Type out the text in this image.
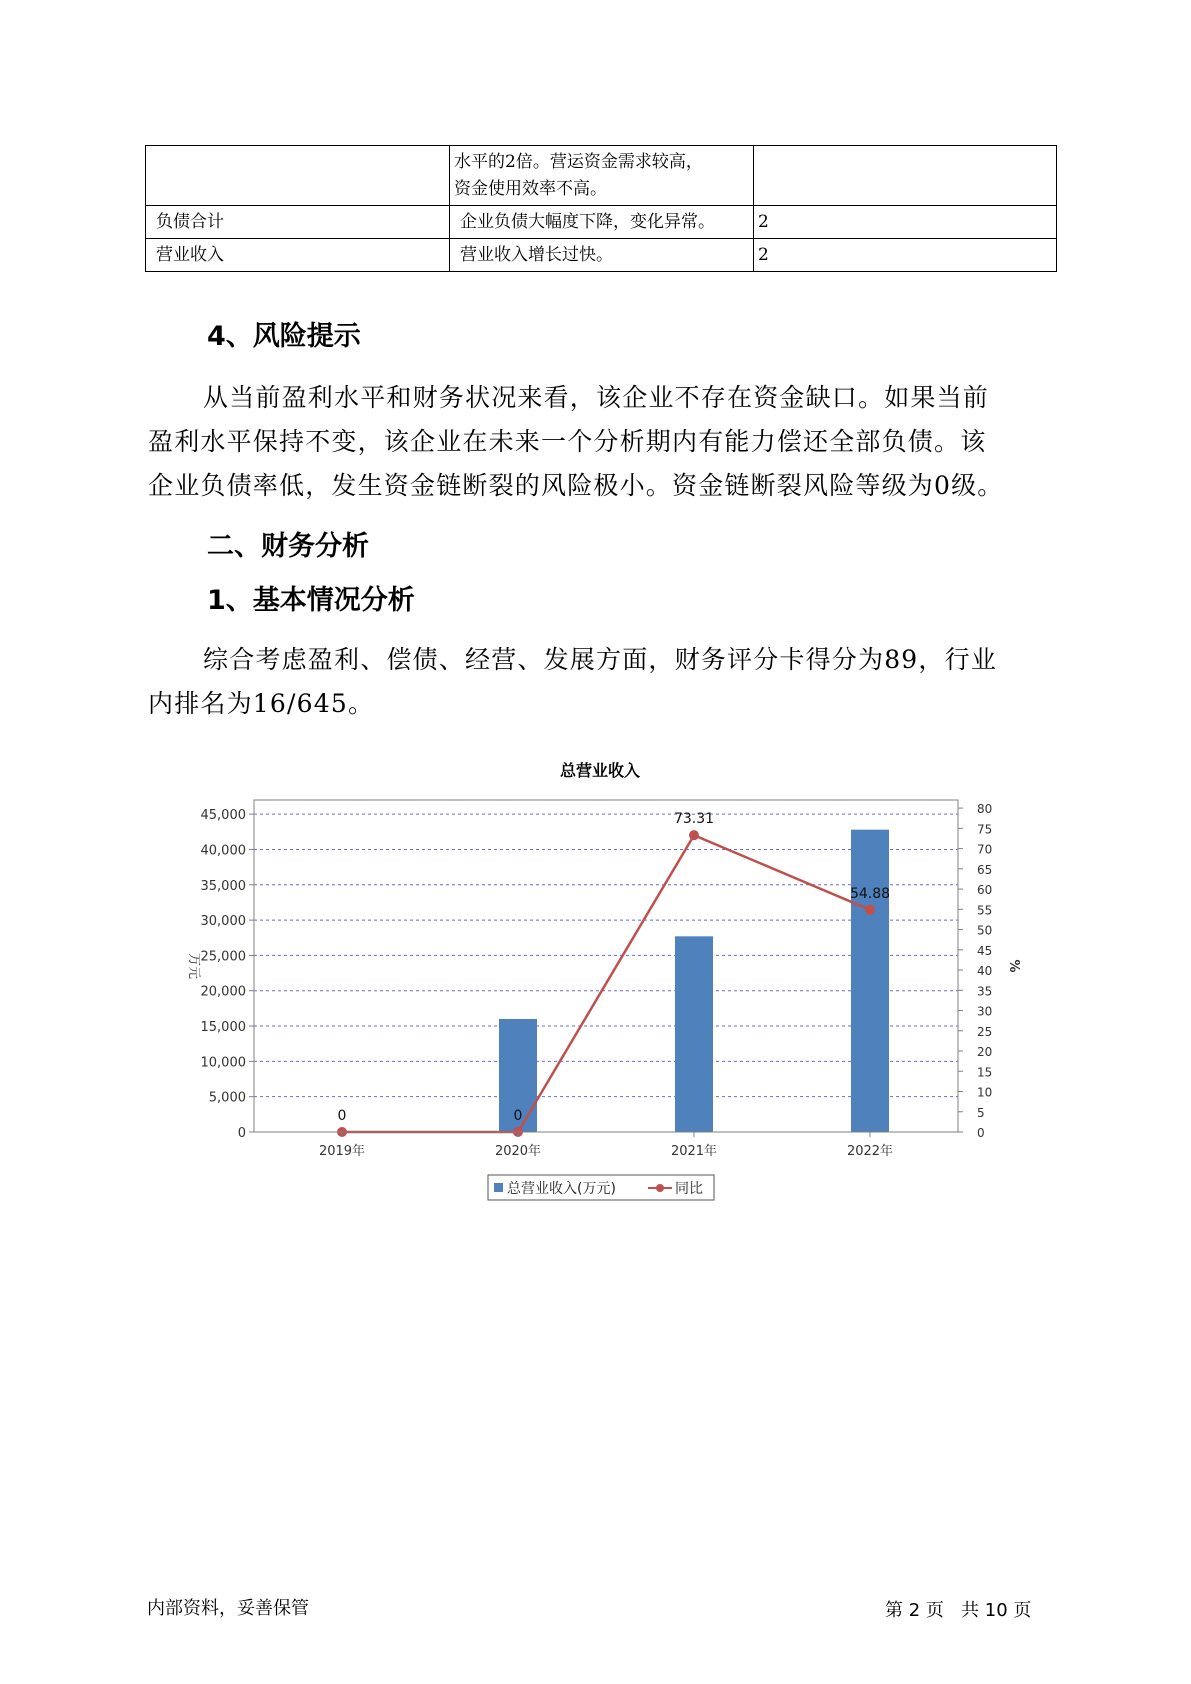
	水平的2倍。营运资金需求较高，
资金使用效率不高。	

负债合计	企业负债大幅度下降，变化异常。	2
营业收入	营业收入增长过快。	2
4、风险提示
从当前盈利水平和财务状况来看，该企业不存在资金缺口。如果当前
盈利水平保持不变，该企业在未来一个分析期内有能力偿还全部负债。该
企业负债率低，发生资金链断裂的风险极小。资金链断裂风险等级为0级。
二、财务分析
1、基本情况分析
综合考虑盈利、偿债、经营、发展方面，财务评分卡得分为89，行业
内排名为16/645。
总营业收入
0	0
73.31
54.88
0
5,000
10,000
15,000
20,000
25,000
30,000
35,000
40,000
45,000
0
5
10
15
20
25
30
35
40
45
50
55
60
65
70
75
80
2019年	2020年	2021年	2022年
万元	%
总营业收入(万元)	同比
内部资料，妥善保管	第 2 页   共 10 页
